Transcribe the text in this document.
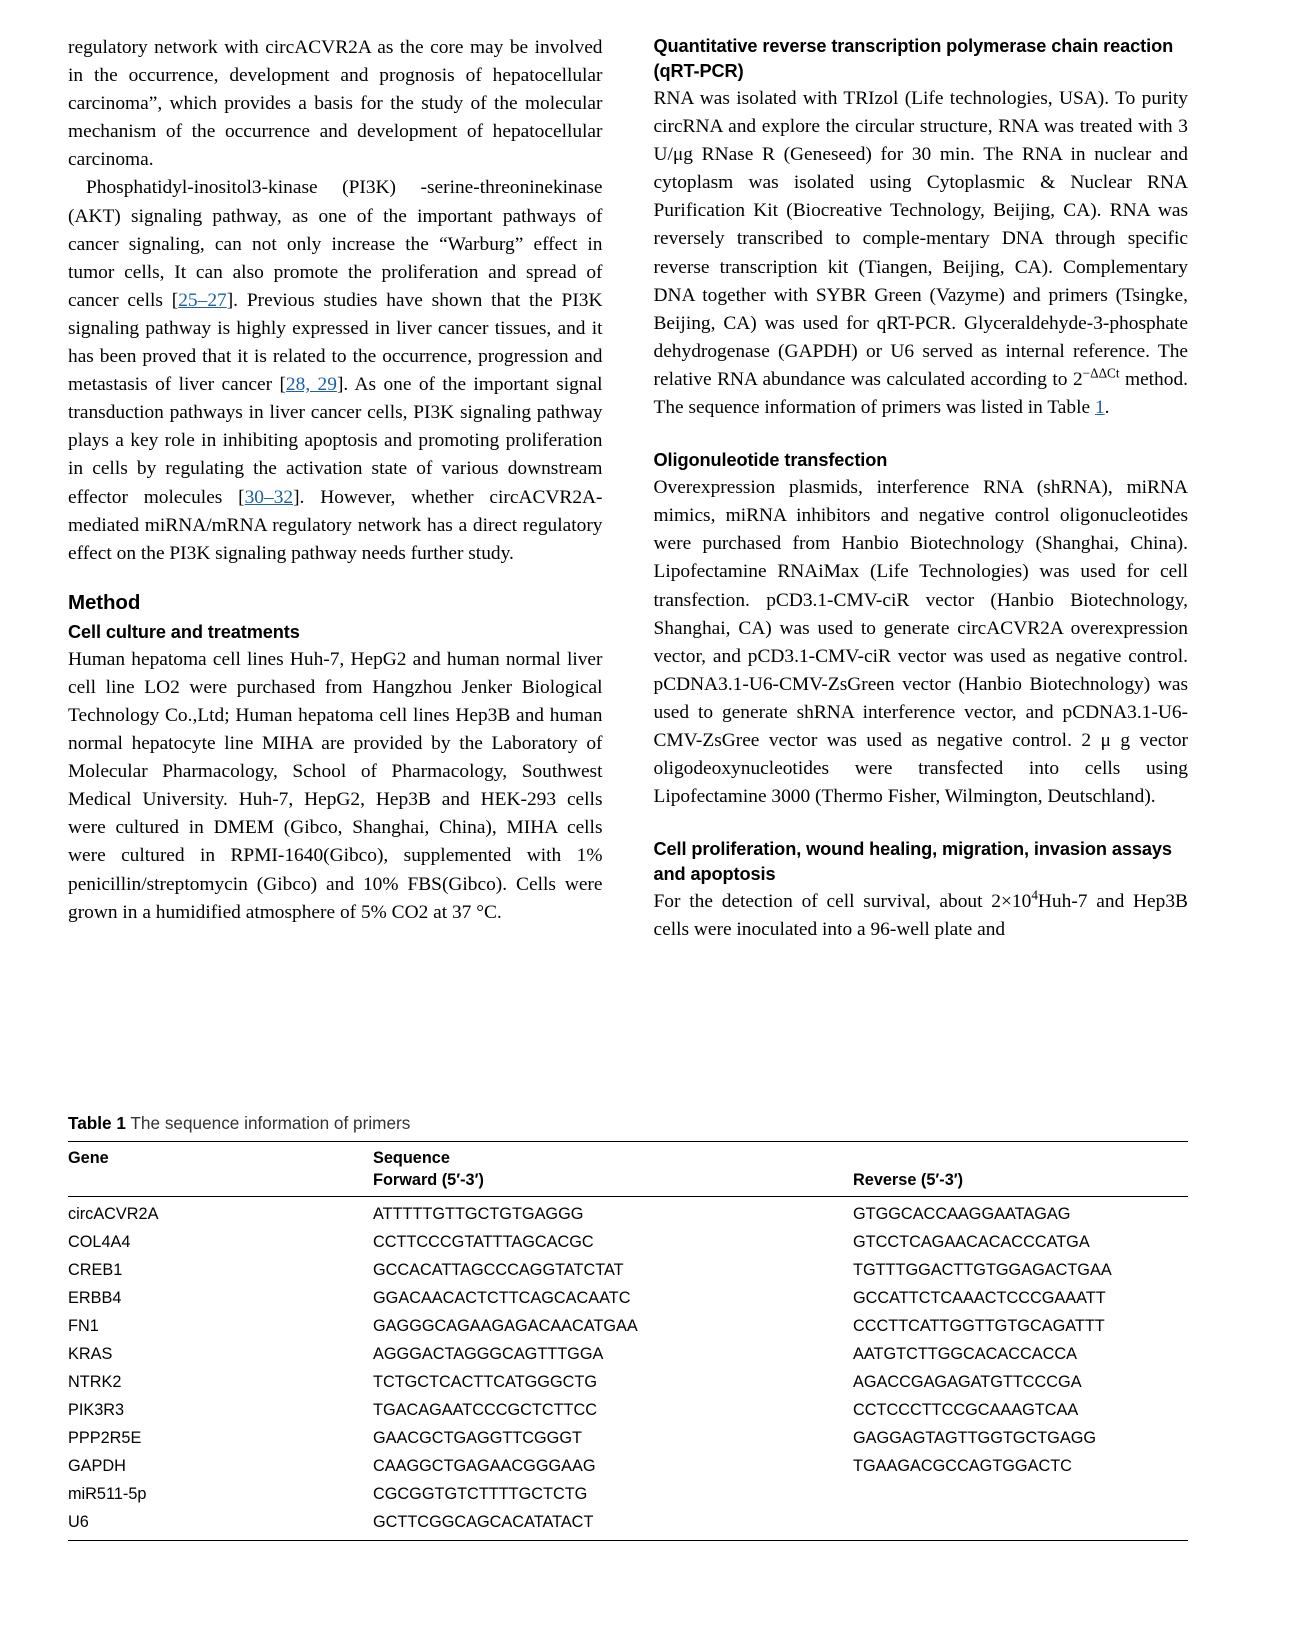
regulatory network with circACVR2A as the core may be involved in the occurrence, development and prognosis of hepatocellular carcinoma”, which provides a basis for the study of the molecular mechanism of the occurrence and development of hepatocellular carcinoma.

Phosphatidyl-inositol3-kinase (PI3K) -serine-threoninekinase (AKT) signaling pathway, as one of the important pathways of cancer signaling, can not only increase the “Warburg” effect in tumor cells, It can also promote the proliferation and spread of cancer cells [25–27]. Previous studies have shown that the PI3K signaling pathway is highly expressed in liver cancer tissues, and it has been proved that it is related to the occurrence, progression and metastasis of liver cancer [28, 29]. As one of the important signal transduction pathways in liver cancer cells, PI3K signaling pathway plays a key role in inhibiting apoptosis and promoting proliferation in cells by regulating the activation state of various downstream effector molecules [30–32]. However, whether circACVR2A-mediated miRNA/mRNA regulatory network has a direct regulatory effect on the PI3K signaling pathway needs further study.

Method
Cell culture and treatments

Human hepatoma cell lines Huh-7, HepG2 and human normal liver cell line LO2 were purchased from Hangzhou Jenker Biological Technology Co.,Ltd; Human hepatoma cell lines Hep3B and human normal hepatocyte line MIHA are provided by the Laboratory of Molecular Pharmacology, School of Pharmacology, Southwest Medical University. Huh-7, HepG2, Hep3B and HEK-293 cells were cultured in DMEM (Gibco, Shanghai, China), MIHA cells were cultured in RPMI-1640(Gibco), supplemented with 1% penicillin/streptomycin (Gibco) and 10% FBS(Gibco). Cells were grown in a humidified atmosphere of 5% CO2 at 37 °C.

Quantitative reverse transcription polymerase chain reaction (qRT-PCR)

RNA was isolated with TRIzol (Life technologies, USA). To purity circRNA and explore the circular structure, RNA was treated with 3 U/μg RNase R (Geneseed) for 30 min. The RNA in nuclear and cytoplasm was isolated using Cytoplasmic & Nuclear RNA Purification Kit (Biocreative Technology, Beijing, CA). RNA was reversely transcribed to comple-mentary DNA through specific reverse transcription kit (Tiangen, Beijing, CA). Complementary DNA together with SYBR Green (Vazyme) and primers (Tsingke, Beijing, CA) was used for qRT-PCR. Glyceraldehyde-3-phosphate dehydrogenase (GAPDH) or U6 served as internal reference. The relative RNA abundance was calculated according to $2^{-\Delta\Delta Ct}$ method. The sequence information of primers was listed in Table 1.

Oligonuleotide transfection

Overexpression plasmids, interference RNA (shRNA), miRNA mimics, miRNA inhibitors and negative control oligonucleotides were purchased from Hanbio Biotechnology (Shanghai, China). Lipofectamine RNAiMax (Life Technologies) was used for cell transfection. pCD3.1-CMV-ciR vector (Hanbio Biotechnology, Shanghai, CA) was used to generate circACVR2A overexpression vector, and pCD3.1-CMV-ciR vector was used as negative control. pCDNA3.1-U6-CMV-ZsGreen vector (Hanbio Biotechnology) was used to generate shRNA interference vector, and pCDNA3.1-U6-CMV-ZsGree vector was used as negative control. 2 μ g vector oligodeoxynucleotides were transfected into cells using Lipofectamine 3000 (Thermo Fisher, Wilmington, Deutschland).

Cell proliferation, wound healing, migration, invasion assays and apoptosis

For the detection of cell survival, about $2\times 10^4Huh-7$ and Hep3B cells were inoculated into a 96-well plate and

Table 1 The sequence information of primers
Gene	Sequence	
	Forward (5′-3′)	Reverse (5′-3′)
circACVR2A	ATTTTTGTTGCTGTGAGGG	GTGGCACCAAGGAATAGAG
COL4A4	CCTTCCCGTATTTAGCACGC	GTCCTCAGAACACACCCATGA
CREB1	GCCACATTAGCCCAGGTATCTAT	TGTTTGGACTTGTGGAGACTGAA
ERBB4	GGACAACACTCTTCAGCACAATC	GCCATTCTCAAACTCCCGAAATT
FN1	GAGGGCAGAAGAGACAACATGAA	CCCTTCATTGGTTGTGCAGATTT
KRAS	AGGGACTAGGGCAGTTTGGA	AATGTCTTGGCACACCACCA
NTRK2	TCTGCTCACTTCATGGGCTG	AGACCGAGAGATGTTCCCGA
PIK3R3	TGACAGAATCCCGCTCTTCC	CCTCCCTTCCGCAAAGTCAA
PPP2R5E	GAACGCTGAGGTTCGGGT	GAGGAGTAGTTGGTGCTGAGG
GAPDH	CAAGGCTGAGAACGGGAAG	TGAAGACGCCAGTGGACTC
miR511-5p	CGCGGTGTCTTTTGCTCTG	
U6	GCTTCGGCAGCACATATACT	
